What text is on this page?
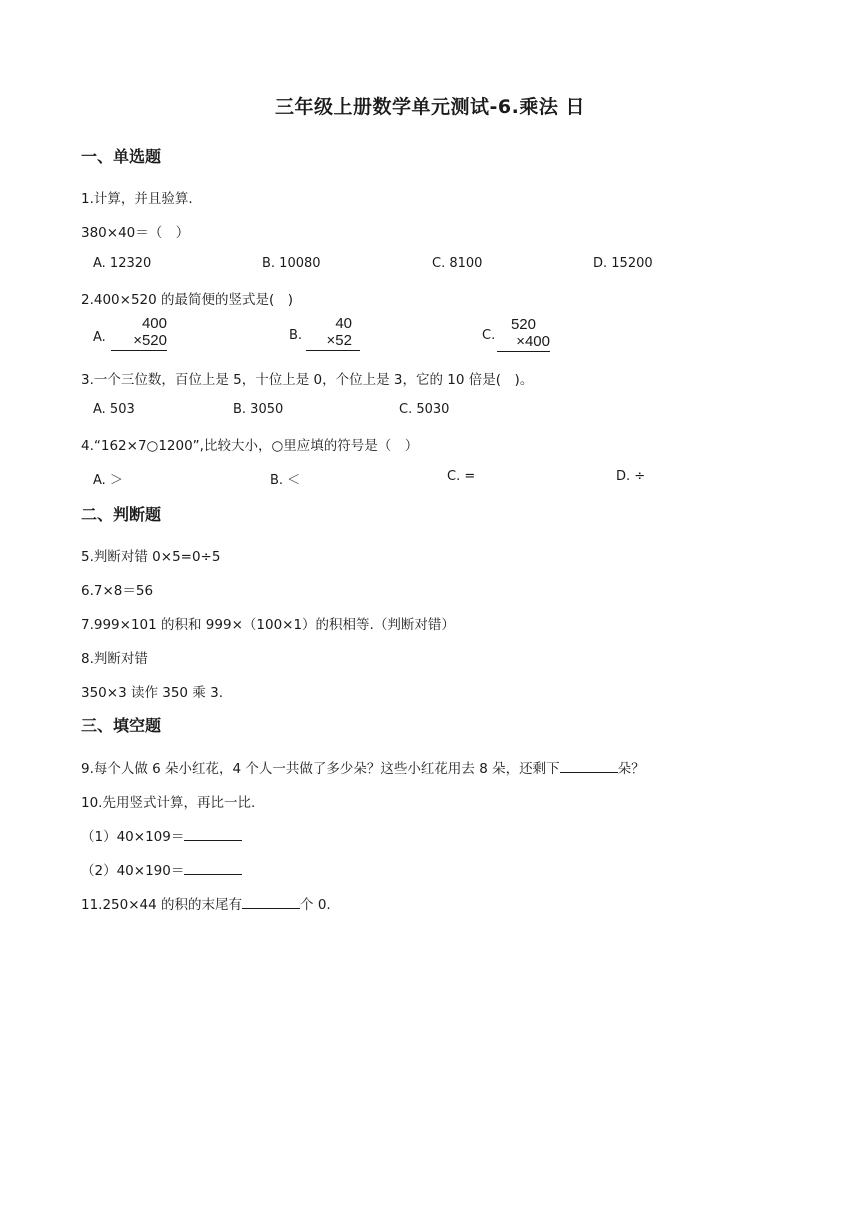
三年级上册数学单元测试-6.乘法 日
一、单选题
1.计算，并且验算.
380×40＝（　）
A. 12320	B. 10080	C. 8100	D. 15200
2.400×520 的最简便的竖式是(　)
A.
400
×520	B.
40
×52	C.
520
×400
3.一个三位数，百位上是 5，十位上是 0，个位上是 3，它的 10 倍是(　)。
A. 503	B. 3050	C. 5030
4.“162×7○1200”,比较大小，○里应填的符号是（　）
A. ＞	B. ＜	C. =	D. ÷
二、判断题
5.判断对错 0×5=0÷5
6.7×8＝56
7.999×101 的积和 999×（100×1）的积相等.（判断对错）
8.判断对错
350×3 读作 350 乘 3.
三、填空题
9.每个人做 6 朵小红花，4 个人一共做了多少朵？这些小红花用去 8 朵，还剩下	朵？
10.先用竖式计算，再比一比.
（1）40×109＝
（2）40×190＝
11.250×44 的积的末尾有	个 0.
